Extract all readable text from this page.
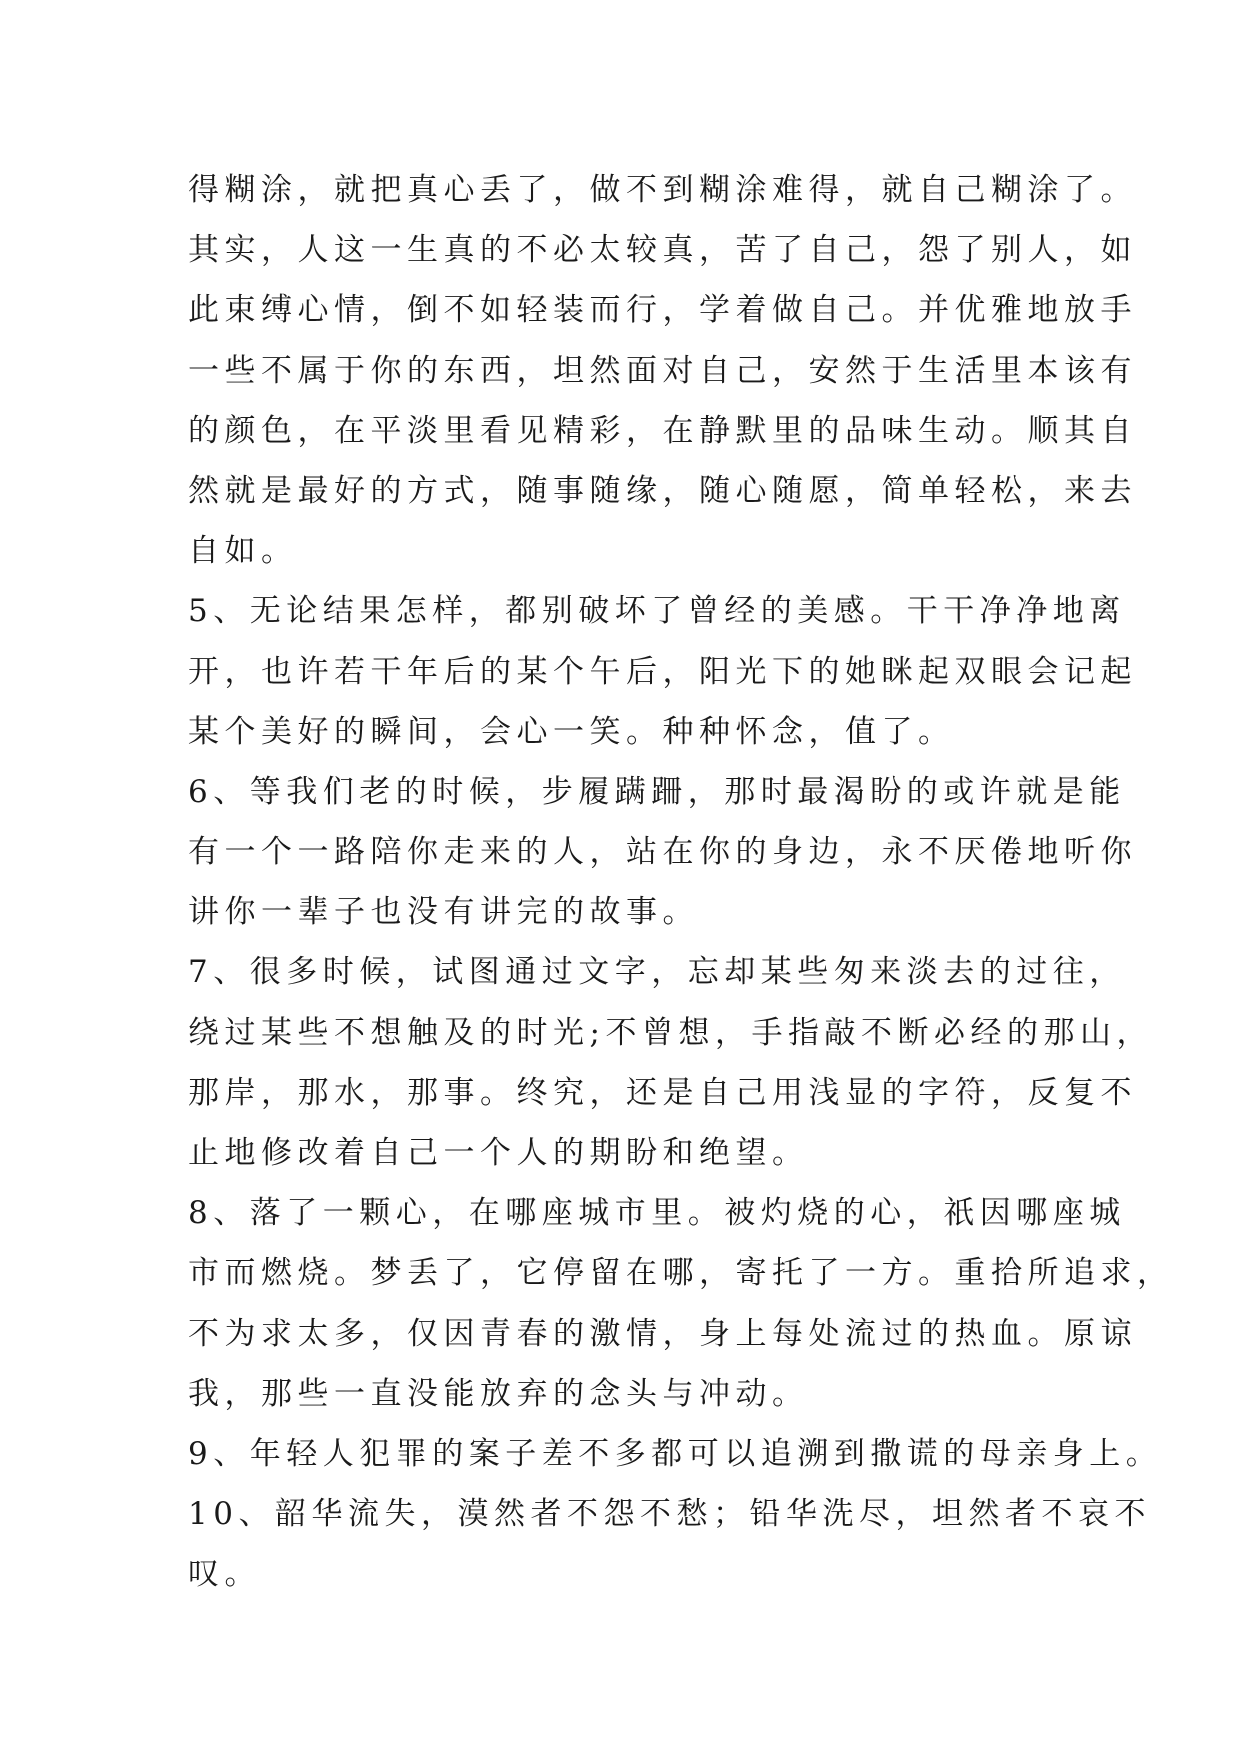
得糊涂，就把真心丢了，做不到糊涂难得，就自己糊涂了。
其实，人这一生真的不必太较真，苦了自己，怨了别人，如
此束缚心情，倒不如轻装而行，学着做自己。并优雅地放手
一些不属于你的东西，坦然面对自己，安然于生活里本该有
的颜色，在平淡里看见精彩，在静默里的品味生动。顺其自
然就是最好的方式，随事随缘，随心随愿，简单轻松，来去
自如。
5、无论结果怎样，都别破坏了曾经的美感。干干净净地离
开，也许若干年后的某个午后，阳光下的她眯起双眼会记起
某个美好的瞬间，会心一笑。种种怀念，值了。
6、等我们老的时候，步履蹒跚，那时最渴盼的或许就是能
有一个一路陪你走来的人，站在你的身边，永不厌倦地听你
讲你一辈子也没有讲完的故事。
7、很多时候，试图通过文字，忘却某些匆来淡去的过往，
绕过某些不想触及的时光;不曾想，手指敲不断必经的那山，
那岸，那水，那事。终究，还是自己用浅显的字符，反复不
止地修改着自己一个人的期盼和绝望。
8、落了一颗心，在哪座城市里。被灼烧的心，祇因哪座城
市而燃烧。梦丢了，它停留在哪，寄托了一方。重拾所追求，
不为求太多，仅因青春的激情，身上每处流过的热血。原谅
我，那些一直没能放弃的念头与冲动。
9、年轻人犯罪的案子差不多都可以追溯到撒谎的母亲身上。
10、韶华流失，漠然者不怨不愁；铅华洗尽，坦然者不哀不
叹。
